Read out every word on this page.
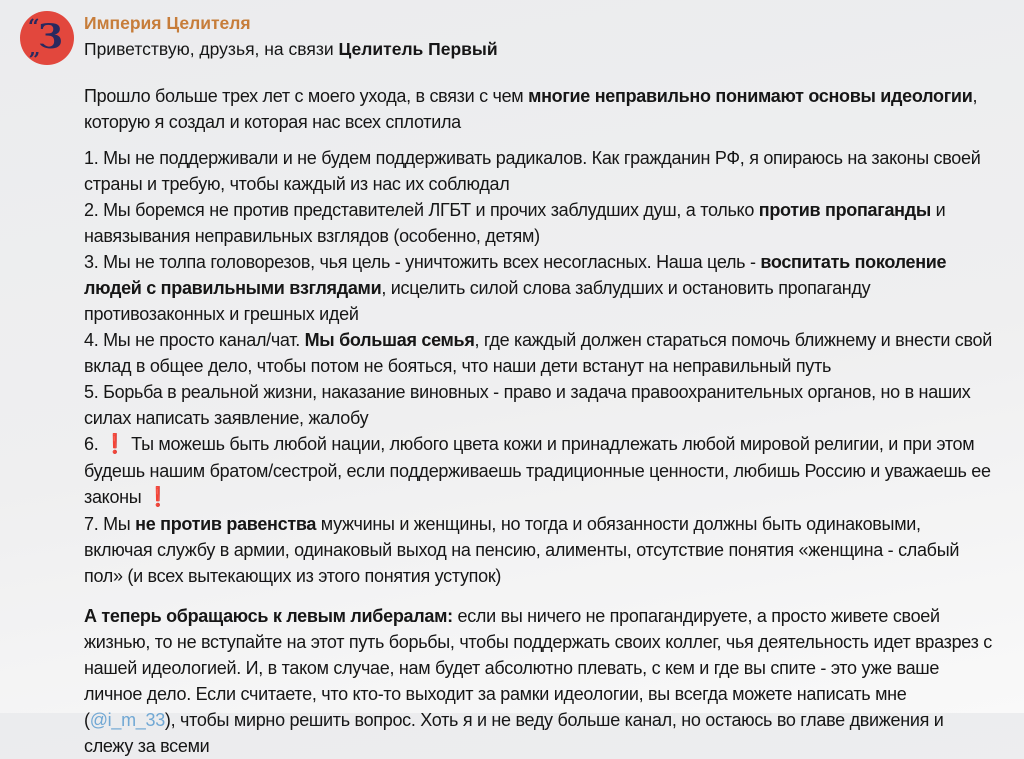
“
З
„
Империя Целителя
Приветствую, друзья, на связи Целитель Первый
Прошло больше трех лет с моего ухода, в связи с чем многие неправильно понимают основы идеологии, которую я создал и которая нас всех сплотила
1. Мы не поддерживали и не будем поддерживать радикалов. Как гражданин РФ, я опираюсь на законы своей страны и требую, чтобы каждый из нас их соблюдал
2. Мы боремся не против представителей ЛГБТ и прочих заблудших душ, а только против пропаганды и навязывания неправильных взглядов (особенно, детям)
3. Мы не толпа головорезов, чья цель - уничтожить всех несогласных. Наша цель - воспитать поколение людей с правильными взглядами, исцелить силой слова заблудших и остановить пропаганду противозаконных и грешных идей
4. Мы не просто канал/чат. Мы большая семья, где каждый должен стараться помочь ближнему и внести свой вклад в общее дело, чтобы потом не бояться, что наши дети встанут на неправильный путь
5. Борьба в реальной жизни, наказание виновных - право и задача правоохранительных органов, но в наших силах написать заявление, жалобу
6. ❗ Ты можешь быть любой нации, любого цвета кожи и принадлежать любой мировой религии, и при этом будешь нашим братом/сестрой, если поддерживаешь традиционные ценности, любишь Россию и уважаешь ее законы ❗
7. Мы не против равенства мужчины и женщины, но тогда и обязанности должны быть одинаковыми, включая службу в армии, одинаковый выход на пенсию, алименты, отсутствие понятия «женщина - слабый пол» (и всех вытекающих из этого понятия уступок)
А теперь обращаюсь к левым либералам: если вы ничего не пропагандируете, а просто живете своей жизнью, то не вступайте на этот путь борьбы, чтобы поддержать своих коллег, чья деятельность идет вразрез с нашей идеологией. И, в таком случае, нам будет абсолютно плевать, с кем и где вы спите - это уже ваше личное дело. Если считаете, что кто-то выходит за рамки идеологии, вы всегда можете написать мне (@i_m_33), чтобы мирно решить вопрос. Хоть я и не веду больше канал, но остаюсь во главе движения и слежу за всеми
